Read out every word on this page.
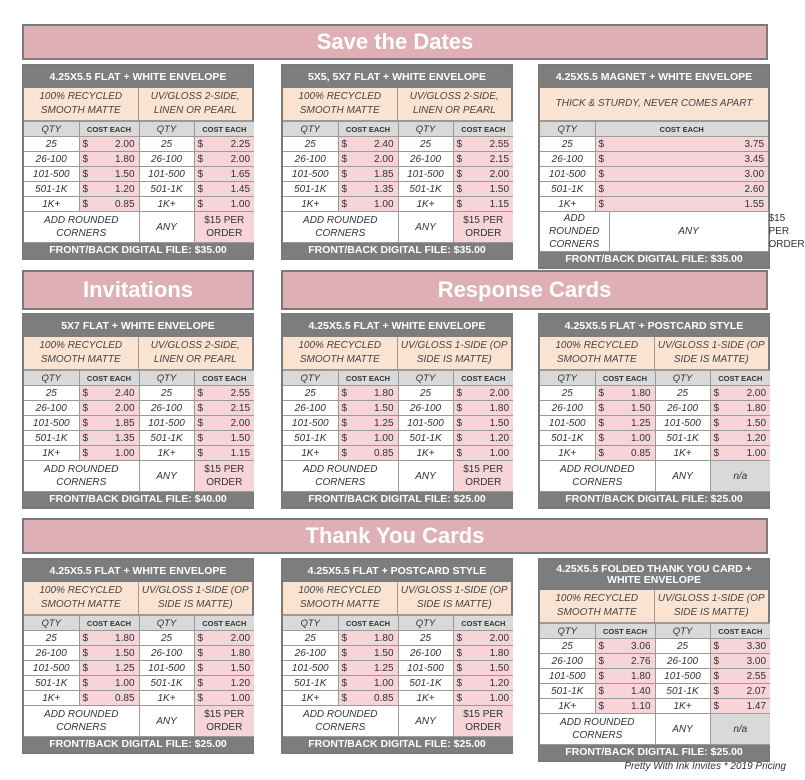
Save the Dates
Invitations	Response Cards
Thank You Cards
4.25X5.5 FLAT + WHITE ENVELOPE
100% RECYCLED SMOOTH MATTE
UV/GLOSS 2-SIDE, LINEN OR PEARL
QTY	COST EACH		QTY	COST EACH	
25	$	2.00	25	$	2.25
26-100	$	1.80	26-100	$	2.00
101-500	$	1.50	101-500	$	1.65
501-1K	$	1.20	501-1K	$	1.45
1K+	$	0.85	1K+	$	1.00
ADD ROUNDED CORNERS			ANY	$15 PER ORDER	
FRONT/BACK DIGITAL FILE: $35.00
5X5, 5X7 FLAT + WHITE ENVELOPE
100% RECYCLED SMOOTH MATTE
UV/GLOSS 2-SIDE, LINEN OR PEARL
QTY	COST EACH		QTY	COST EACH	
25	$	2.40	25	$	2.55
26-100	$	2.00	26-100	$	2.15
101-500	$	1.85	101-500	$	2.00
501-1K	$	1.35	501-1K	$	1.50
1K+	$	1.00	1K+	$	1.15
ADD ROUNDED CORNERS			ANY	$15 PER ORDER	
FRONT/BACK DIGITAL FILE: $35.00
4.25X5.5 MAGNET + WHITE ENVELOPE
THICK & STURDY, NEVER COMES APART
QTY	COST EACH		
25	$	3.75	
26-100	$	3.45	
101-500	$	3.00	
501-1K	$	2.60	
1K+	$	1.55	
ADD ROUNDED CORNERS		ANY	$15 PER ORDER
FRONT/BACK DIGITAL FILE: $35.00
5X7 FLAT + WHITE ENVELOPE
100% RECYCLED SMOOTH MATTE
UV/GLOSS 2-SIDE, LINEN OR PEARL
QTY	COST EACH		QTY	COST EACH	
25	$	2.40	25	$	2.55
26-100	$	2.00	26-100	$	2.15
101-500	$	1.85	101-500	$	2.00
501-1K	$	1.35	501-1K	$	1.50
1K+	$	1.00	1K+	$	1.15
ADD ROUNDED CORNERS			ANY	$15 PER ORDER	
FRONT/BACK DIGITAL FILE: $40.00
4.25X5.5 FLAT + WHITE ENVELOPE
100% RECYCLED SMOOTH MATTE
UV/GLOSS 1-SIDE (OP SIDE IS MATTE)
QTY	COST EACH		QTY	COST EACH	
25	$	1.80	25	$	2.00
26-100	$	1.50	26-100	$	1.80
101-500	$	1.25	101-500	$	1.50
501-1K	$	1.00	501-1K	$	1.20
1K+	$	0.85	1K+	$	1.00
ADD ROUNDED CORNERS			ANY	$15 PER ORDER	
FRONT/BACK DIGITAL FILE: $25.00
4.25X5.5 FLAT + POSTCARD STYLE
100% RECYCLED SMOOTH MATTE
UV/GLOSS 1-SIDE (OP SIDE IS MATTE)
QTY	COST EACH		QTY	COST EACH	
25	$	1.80	25	$	2.00
26-100	$	1.50	26-100	$	1.80
101-500	$	1.25	101-500	$	1.50
501-1K	$	1.00	501-1K	$	1.20
1K+	$	0.85	1K+	$	1.00
ADD ROUNDED CORNERS			ANY	n/a	
FRONT/BACK DIGITAL FILE: $25.00
4.25X5.5 FLAT + WHITE ENVELOPE
100% RECYCLED SMOOTH MATTE
UV/GLOSS 1-SIDE (OP SIDE IS MATTE)
QTY	COST EACH		QTY	COST EACH	
25	$	1.80	25	$	2.00
26-100	$	1.50	26-100	$	1.80
101-500	$	1.25	101-500	$	1.50
501-1K	$	1.00	501-1K	$	1.20
1K+	$	0.85	1K+	$	1.00
ADD ROUNDED CORNERS			ANY	$15 PER ORDER	
FRONT/BACK DIGITAL FILE: $25.00
4.25X5.5 FLAT + POSTCARD STYLE
100% RECYCLED SMOOTH MATTE
UV/GLOSS 1-SIDE (OP SIDE IS MATTE)
QTY	COST EACH		QTY	COST EACH	
25	$	1.80	25	$	2.00
26-100	$	1.50	26-100	$	1.80
101-500	$	1.25	101-500	$	1.50
501-1K	$	1.00	501-1K	$	1.20
1K+	$	0.85	1K+	$	1.00
ADD ROUNDED CORNERS			ANY	$15 PER ORDER	
FRONT/BACK DIGITAL FILE: $25.00
4.25X5.5 FOLDED THANK YOU CARD + WHITE ENVELOPE
100% RECYCLED SMOOTH MATTE
UV/GLOSS 1-SIDE (OP SIDE IS MATTE)
QTY	COST EACH		QTY	COST EACH	
25	$	3.06	25	$	3.30
26-100	$	2.76	26-100	$	3.00
101-500	$	1.80	101-500	$	2.55
501-1K	$	1.40	501-1K	$	2.07
1K+	$	1.10	1K+	$	1.47
ADD ROUNDED CORNERS			ANY	n/a	
FRONT/BACK DIGITAL FILE: $25.00
Pretty With Ink Invites * 2019 Pricing
